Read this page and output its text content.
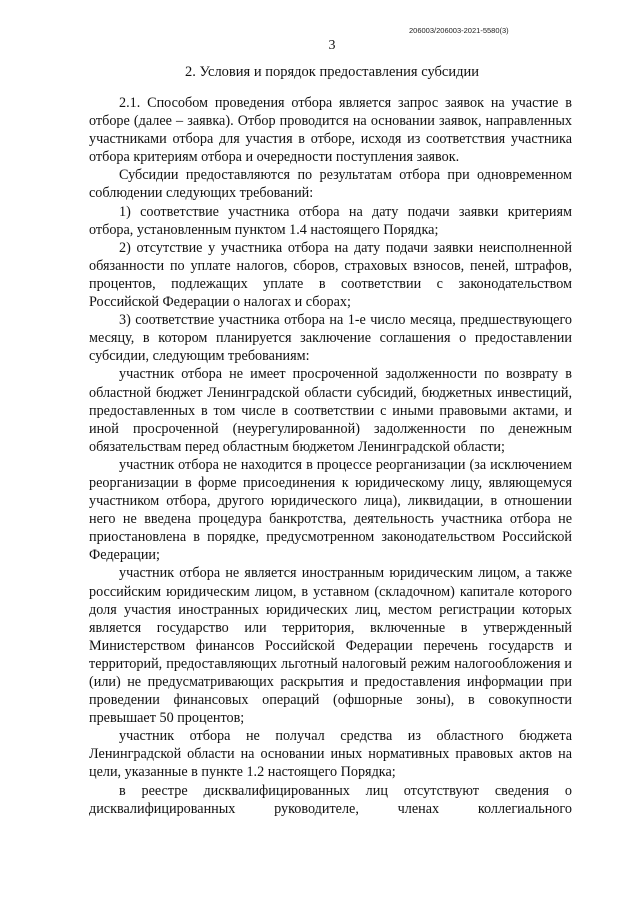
206003/206003-2021-5580(3)
3
2. Условия и порядок предоставления субсидии

2.1. Способом проведения отбора является запрос заявок на участие в отборе (далее – заявка). Отбор проводится на основании заявок, направленных участниками отбора для участия в отборе, исходя из соответствия участника отбора критериям отбора и очередности поступления заявок.

Субсидии предоставляются по результатам отбора при одновременном соблюдении следующих требований:

1) соответствие участника отбора на дату подачи заявки критериям отбора, установленным пунктом 1.4 настоящего Порядка;

2) отсутствие у участника отбора на дату подачи заявки неисполненной обязанности по уплате налогов, сборов, страховых взносов, пеней, штрафов, процентов, подлежащих уплате в соответствии с законодательством Российской Федерации о налогах и сборах;

3) соответствие участника отбора на 1-е число месяца, предшествующего месяцу, в котором планируется заключение соглашения о предоставлении субсидии, следующим требованиям:

участник отбора не имеет просроченной задолженности по возврату в областной бюджет Ленинградской области субсидий, бюджетных инвестиций, предоставленных в том числе в соответствии с иными правовыми актами, и иной просроченной (неурегулированной) задолженности по денежным обязательствам перед областным бюджетом Ленинградской области;

участник отбора не находится в процессе реорганизации (за исключением реорганизации в форме присоединения к юридическому лицу, являющемуся участником отбора, другого юридического лица), ликвидации, в отношении него не введена процедура банкротства, деятельность участника отбора не приостановлена в порядке, предусмотренном законодательством Российской Федерации;

участник отбора не является иностранным юридическим лицом, а также российским юридическим лицом, в уставном (складочном) капитале которого доля участия иностранных юридических лиц, местом регистрации которых является государство или территория, включенные в утвержденный Министерством финансов Российской Федерации перечень государств и территорий, предоставляющих льготный налоговый режим налогообложения и (или) не предусматривающих раскрытия и предоставления информации при проведении финансовых операций (офшорные зоны), в совокупности превышает 50 процентов;

участник отбора не получал средства из областного бюджета Ленинградской области на основании иных нормативных правовых актов на цели, указанные в пункте 1.2 настоящего Порядка;

в реестре дисквалифицированных лиц отсутствуют сведения о дисквалифицированных руководителе, членах коллегиального
